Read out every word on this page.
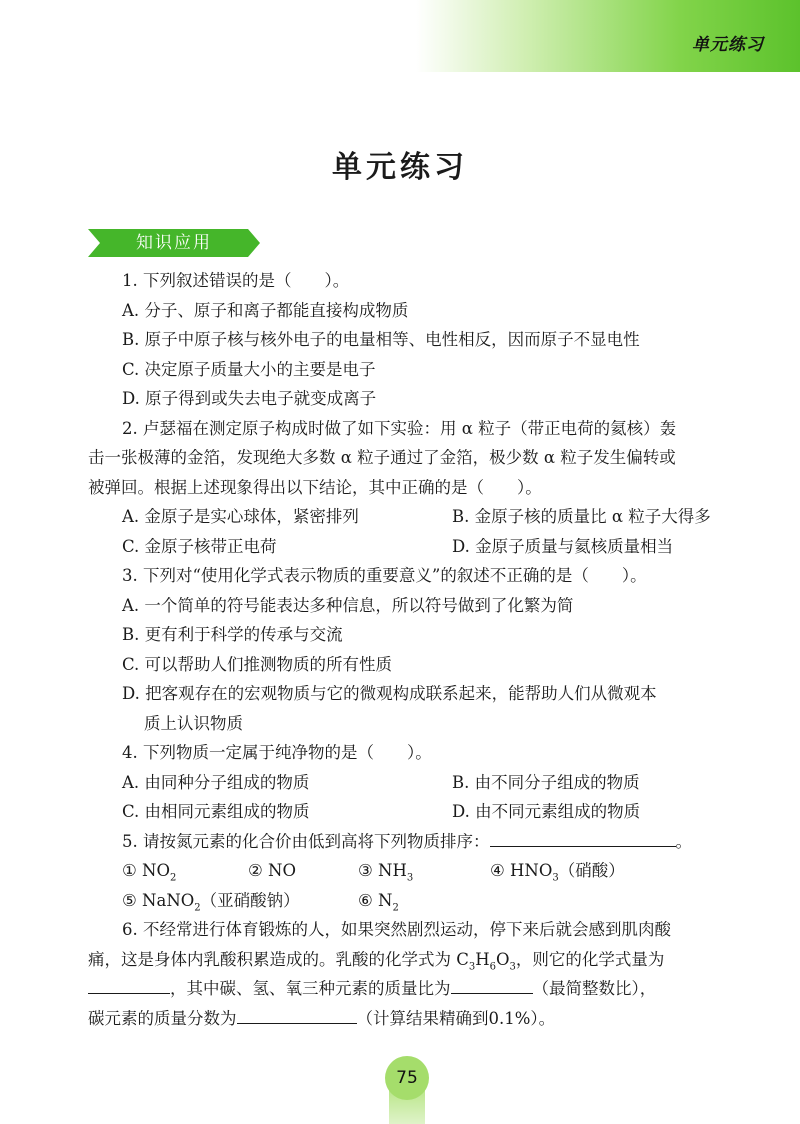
单元练习
单元练习
知识应用
1. 下列叙述错误的是（　　）。
A. 分子、原子和离子都能直接构成物质
B. 原子中原子核与核外电子的电量相等、电性相反，因而原子不显电性
C. 决定原子质量大小的主要是电子
D. 原子得到或失去电子就变成离子
2. 卢瑟福在测定原子构成时做了如下实验：用 α 粒子（带正电荷的氦核）轰
击一张极薄的金箔，发现绝大多数 α 粒子通过了金箔，极少数 α 粒子发生偏转或
被弹回。根据上述现象得出以下结论，其中正确的是（　　）。
A. 金原子是实心球体，紧密排列	B. 金原子核的质量比 α 粒子大得多
C. 金原子核带正电荷	D. 金原子质量与氦核质量相当
3. 下列对“使用化学式表示物质的重要意义”的叙述不正确的是（　　）。
A. 一个简单的符号能表达多种信息，所以符号做到了化繁为简
B. 更有利于科学的传承与交流
C. 可以帮助人们推测物质的所有性质
D. 把客观存在的宏观物质与它的微观构成联系起来，能帮助人们从微观本
质上认识物质
4. 下列物质一定属于纯净物的是（　　）。
A. 由同种分子组成的物质	B. 由不同分子组成的物质
C. 由相同元素组成的物质	D. 由不同元素组成的物质
5. 请按氮元素的化合价由低到高将下列物质排序：	。
① $NO_2$	② NO	③ $NH_3$	④ $HNO_3$（硝酸）
⑤ NaNO$_2$（亚硝酸钠）	⑥ $N_2$
6. 不经常进行体育锻炼的人，如果突然剧烈运动，停下来后就会感到肌肉酸
痛，这是身体内乳酸积累造成的。乳酸的化学式为 $C_3H_6O_3$，则它的化学式量为
，其中碳、氢、氧三种元素的质量比为	（最简整数比），
碳元素的质量分数为	（计算结果精确到0.1%）。
75
